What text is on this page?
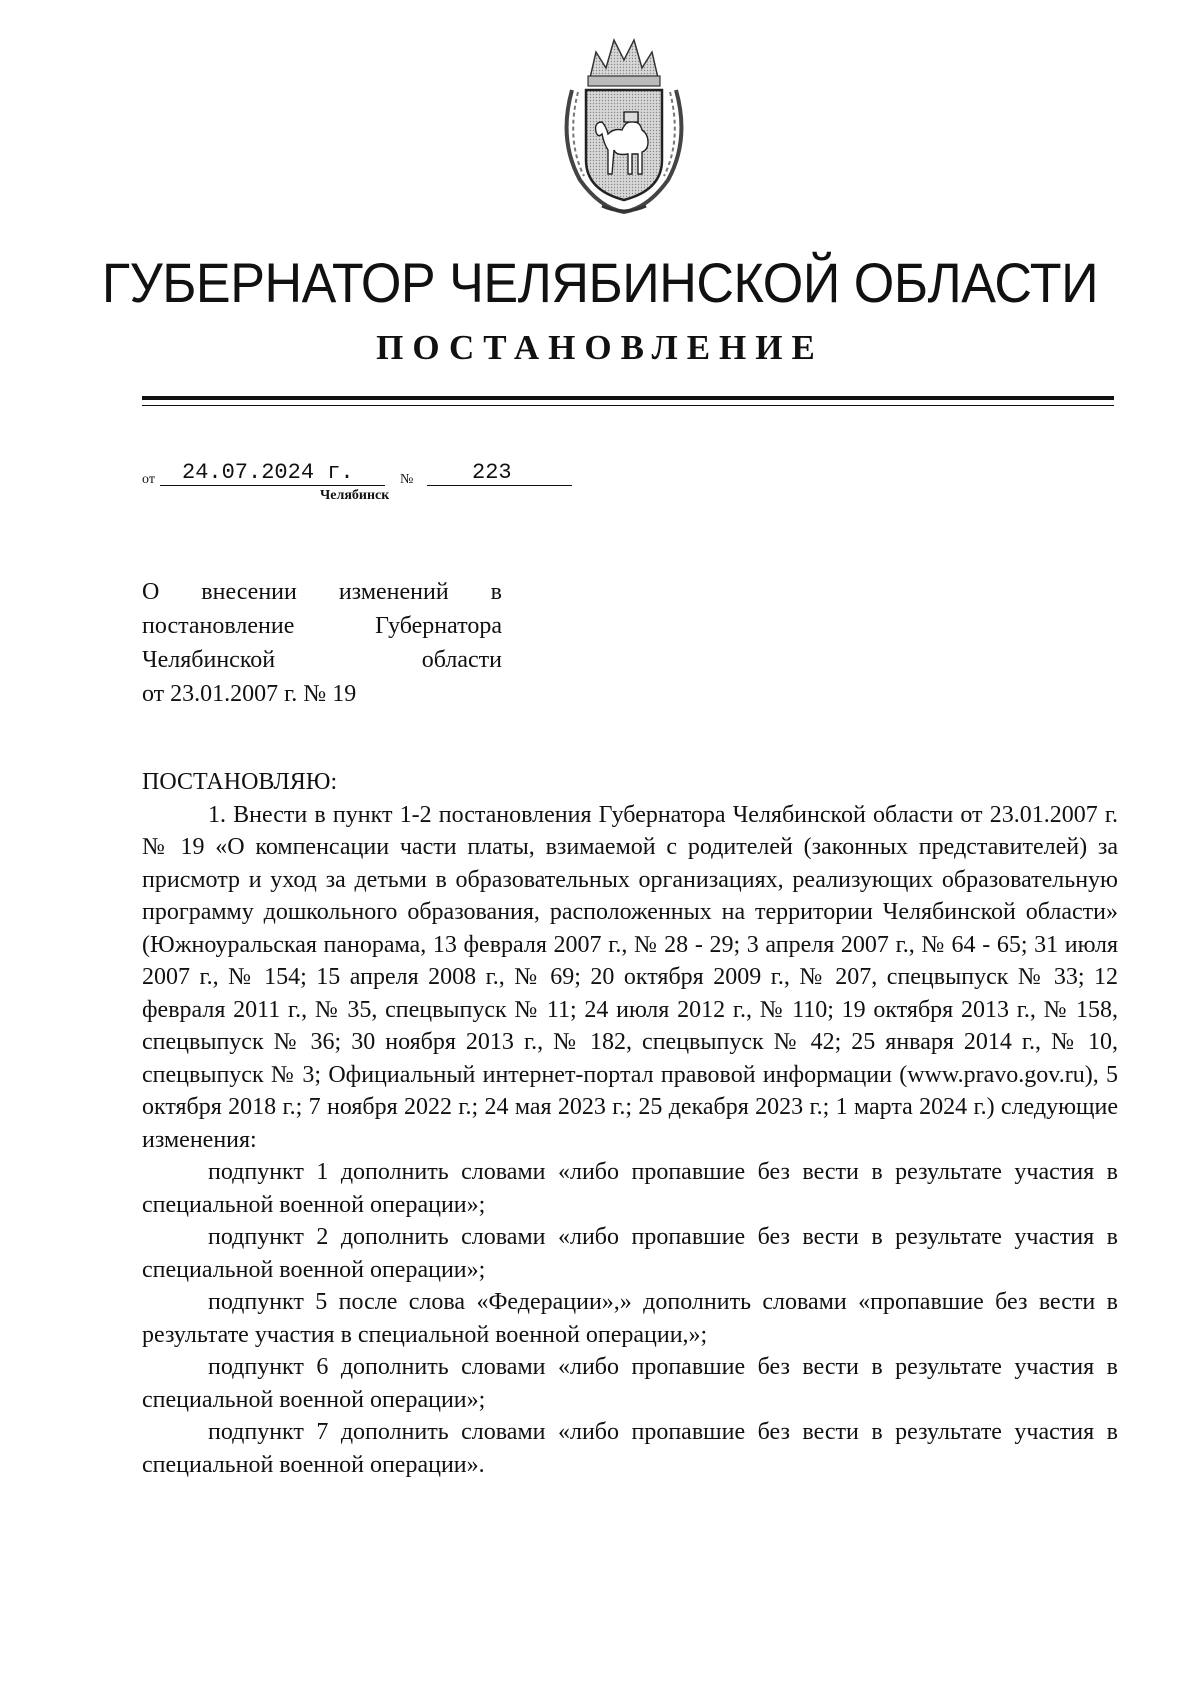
ГУБЕРНАТОР ЧЕЛЯБИНСКОЙ ОБЛАСТИ
ПОСТАНОВЛЕНИЕ
от 24.07.2024 г.	№	223
Челябинск
О внесении изменений в
постановление Губернатора
Челябинской области
от 23.01.2007 г. № 19

ПОСТАНОВЛЯЮ:

1. Внести в пункт 1-2 постановления Губернатора Челябинской области от 23.01.2007 г. № 19 «О компенсации части платы, взимаемой с родителей (законных представителей) за присмотр и уход за детьми в образовательных организациях, реализующих образовательную программу дошкольного образования, расположенных на территории Челябинской области» (Южноуральская панорама, 13 февраля 2007 г., № 28 - 29; 3 апреля 2007 г., № 64 - 65; 31 июля 2007 г., № 154; 15 апреля 2008 г., № 69; 20 октября 2009 г., № 207, спецвыпуск № 33; 12 февраля 2011 г., № 35, спецвыпуск № 11; 24 июля 2012 г., № 110; 19 октября 2013 г., № 158, спецвыпуск № 36; 30 ноября 2013 г., № 182, спецвыпуск № 42; 25 января 2014 г., № 10, спецвыпуск № 3; Официальный интернет-портал правовой информации (www.pravo.gov.ru), 5 октября 2018 г.; 7 ноября 2022 г.; 24 мая 2023 г.; 25 декабря 2023 г.; 1 марта 2024 г.) следующие изменения:

подпункт 1 дополнить словами «либо пропавшие без вести в результате участия в специальной военной операции»;

подпункт 2 дополнить словами «либо пропавшие без вести в результате участия в специальной военной операции»;

подпункт 5 после слова «Федерации»,» дополнить словами «пропавшие без вести в результате участия в специальной военной операции,»;

подпункт 6 дополнить словами «либо пропавшие без вести в результате участия в специальной военной операции»;

подпункт 7 дополнить словами «либо пропавшие без вести в результате участия в специальной военной операции».
